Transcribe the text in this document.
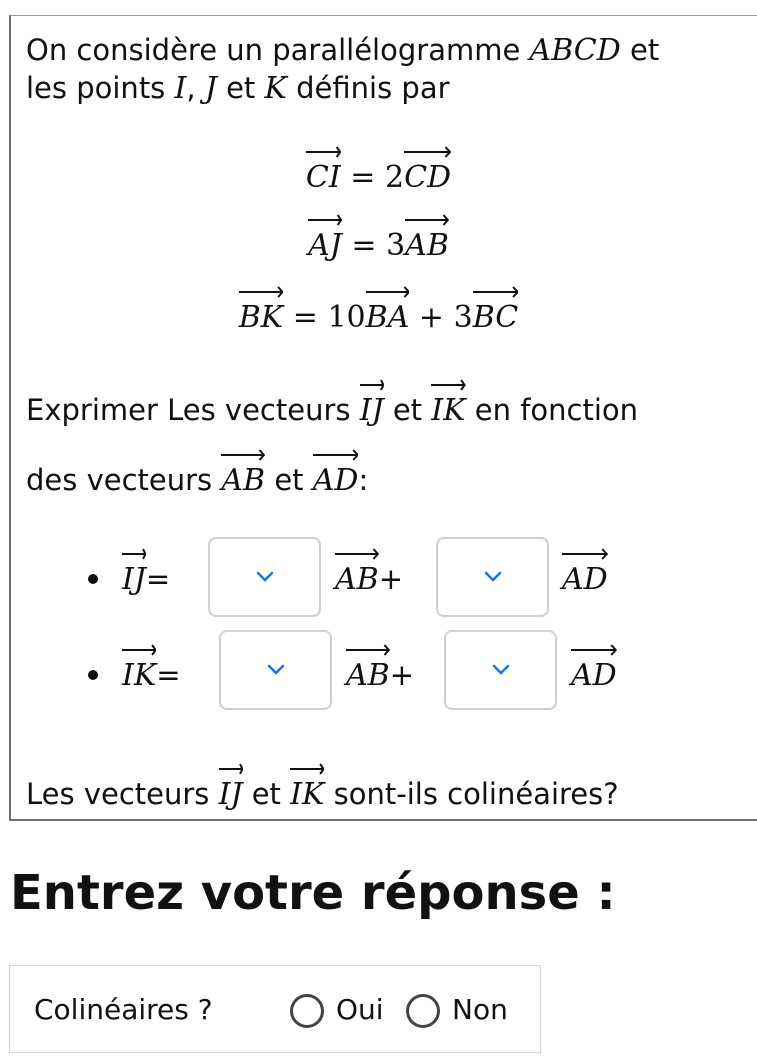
On considère un parallélogramme ABCD et
les points I, J et K définis par
CI = 2
CD
AJ = 3
AB
BK = 10
BA + 3
BC
Exprimer Les vecteurs IJ et IK en fonction
des vecteurs AB et AD:
IJ=	AB+	AD
IK=	AB+	AD
Les vecteurs IJ et IK sont-ils colinéaires?
Entrez votre réponse :
Colinéaires ?	Oui Non
